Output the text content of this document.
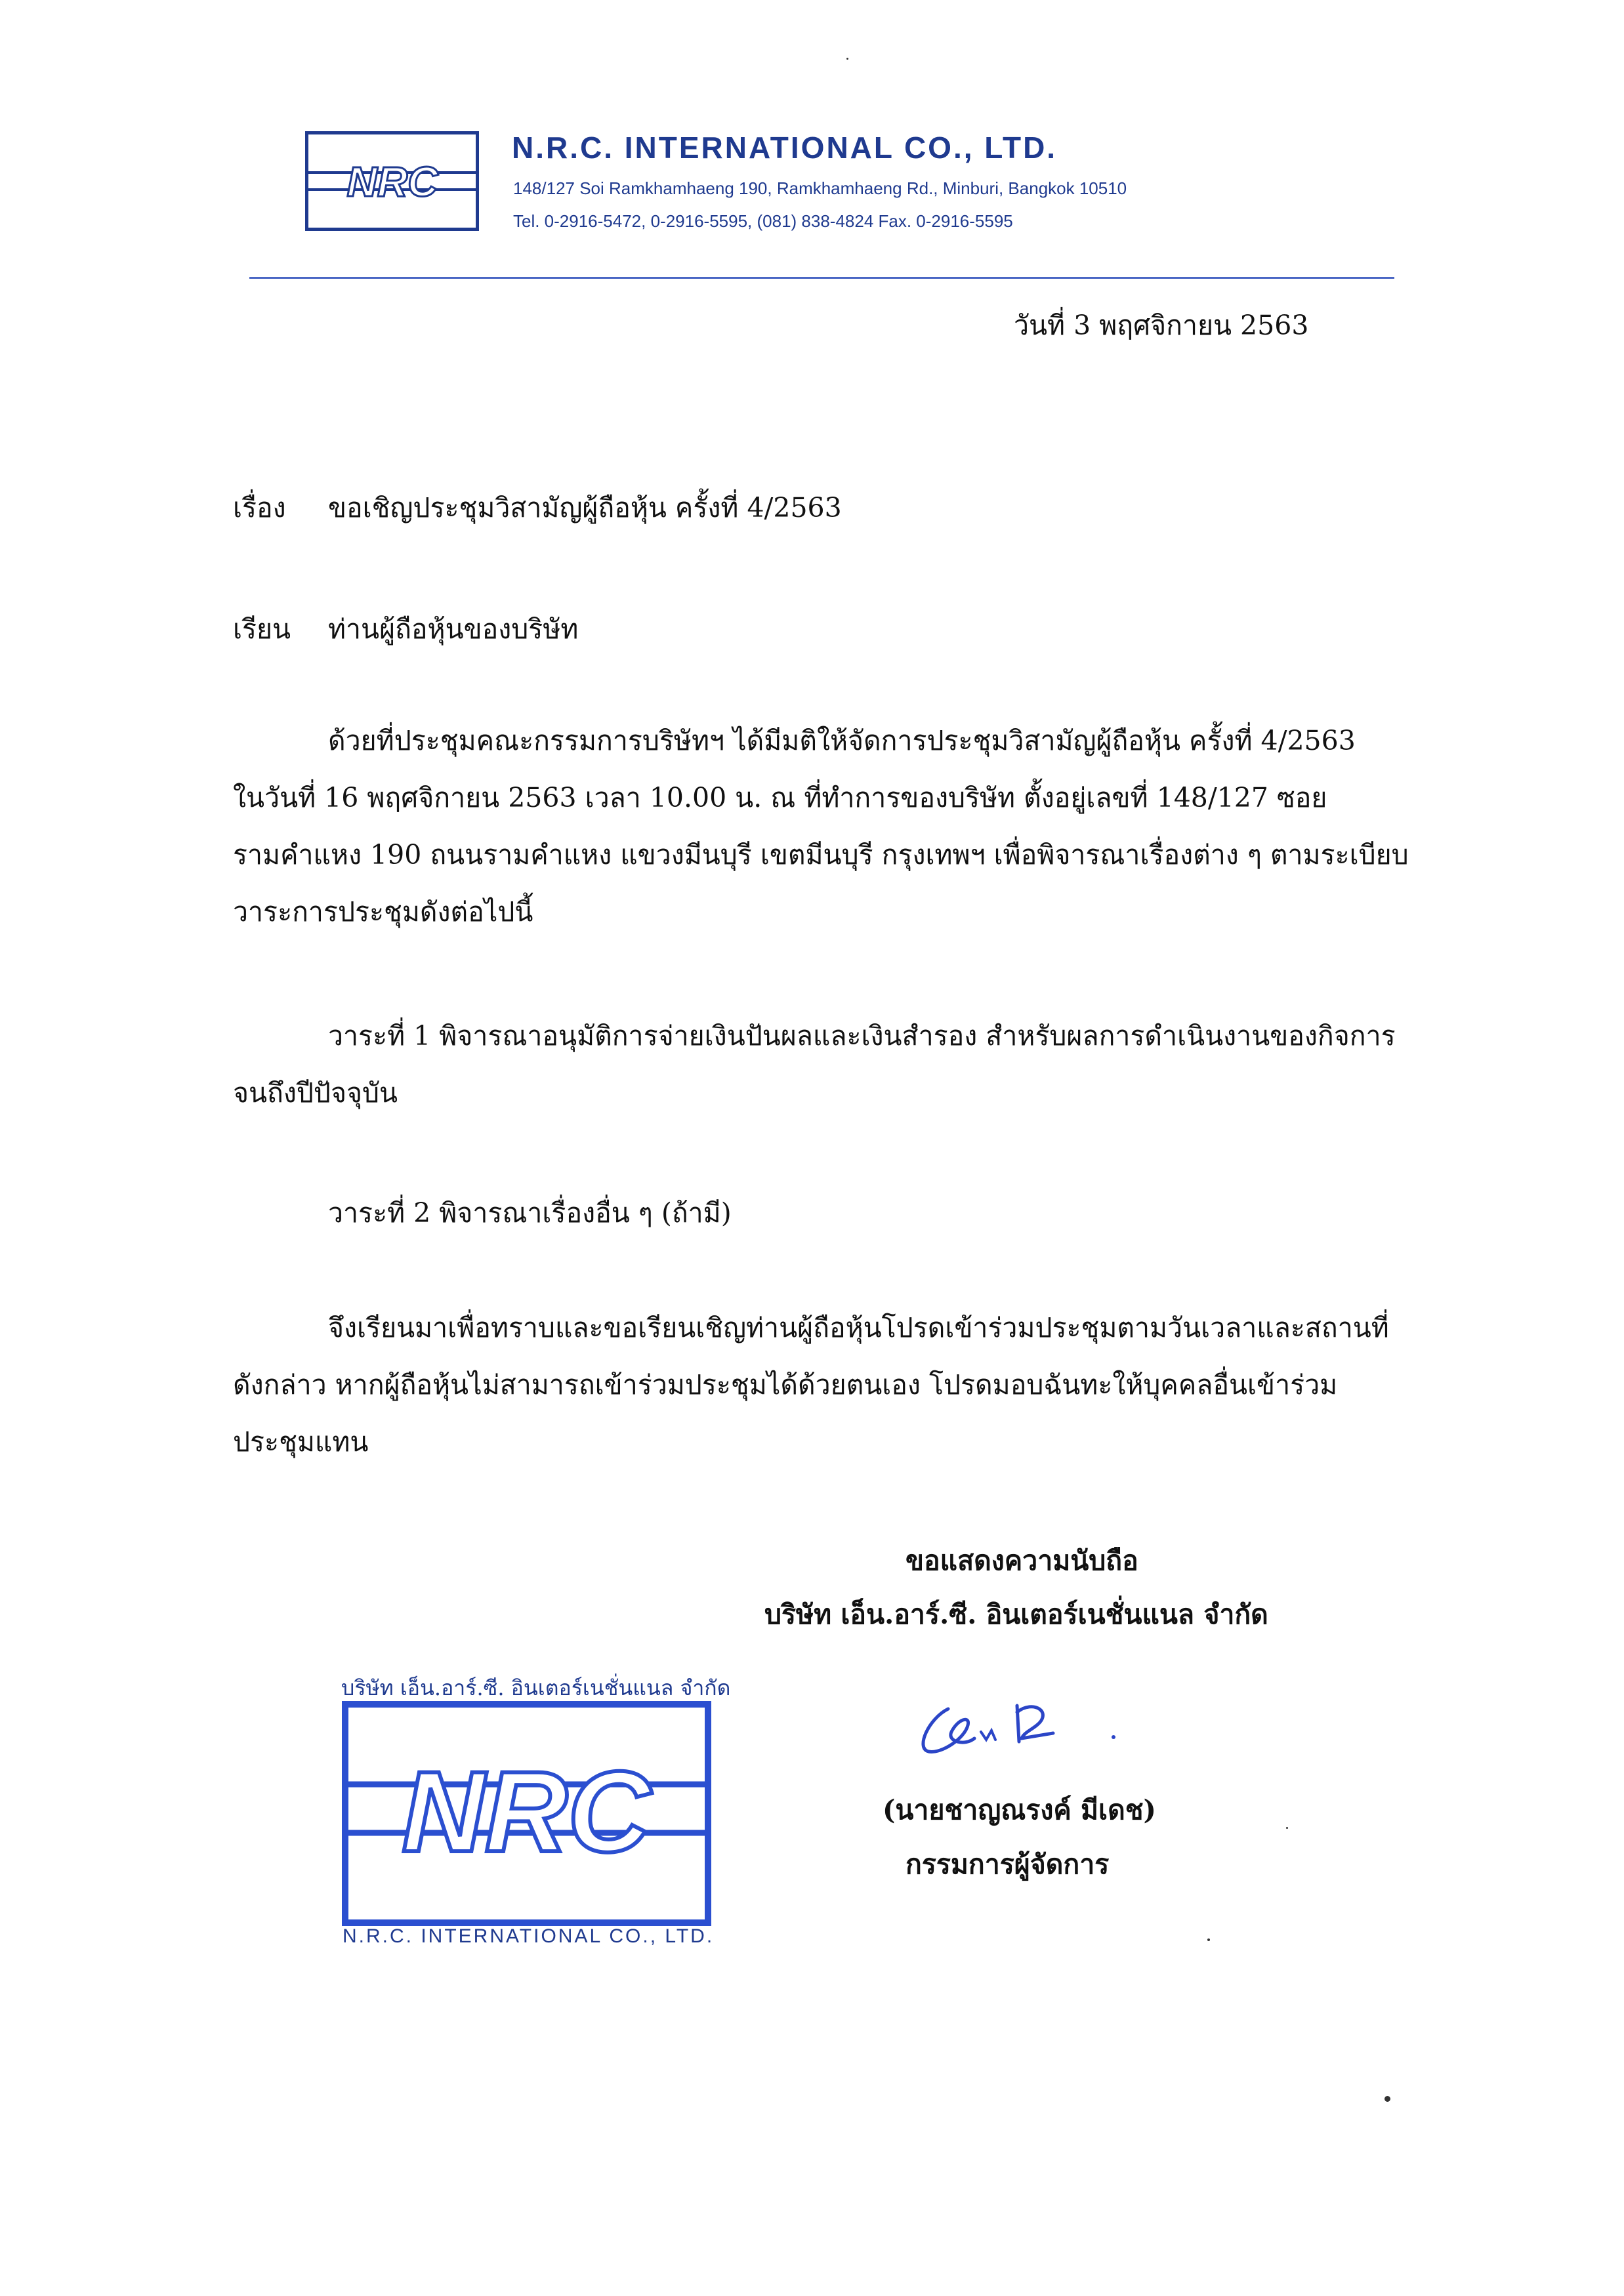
NRC
N.R.C. INTERNATIONAL CO., LTD.
148/127 Soi Ramkhamhaeng 190, Ramkhamhaeng Rd., Minburi, Bangkok 10510
Tel. 0-2916-5472, 0-2916-5595, (081) 838-4824 Fax. 0-2916-5595
วันที่ 3 พฤศจิกายน 2563
เรื่อง ขอเชิญประชุมวิสามัญผู้ถือหุ้น ครั้งที่ 4/2563
เรียน ท่านผู้ถือหุ้นของบริษัท
ด้วยที่ประชุมคณะกรรมการบริษัทฯ ได้มีมติให้จัดการประชุมวิสามัญผู้ถือหุ้น ครั้งที่ 4/2563
ในวันที่ 16 พฤศจิกายน 2563 เวลา 10.00 น. ณ ที่ทำการของบริษัท ตั้งอยู่เลขที่ 148/127 ซอย
รามคำแหง 190 ถนนรามคำแหง แขวงมีนบุรี เขตมีนบุรี กรุงเทพฯ เพื่อพิจารณาเรื่องต่าง ๆ ตามระเบียบ
วาระการประชุมดังต่อไปนี้
วาระที่ 1 พิจารณาอนุมัติการจ่ายเงินปันผลและเงินสำรอง สำหรับผลการดำเนินงานของกิจการ
จนถึงปีปัจจุบัน
วาระที่ 2 พิจารณาเรื่องอื่น ๆ (ถ้ามี)
จึงเรียนมาเพื่อทราบและขอเรียนเชิญท่านผู้ถือหุ้นโปรดเข้าร่วมประชุมตามวันเวลาและสถานที่
ดังกล่าว หากผู้ถือหุ้นไม่สามารถเข้าร่วมประชุมได้ด้วยตนเอง โปรดมอบฉันทะให้บุคคลอื่นเข้าร่วม
ประชุมแทน
ขอแสดงความนับถือ
บริษัท เอ็น.อาร์.ซี. อินเตอร์เนชั่นแนล จำกัด
(นายชาญณรงค์ มีเดช)
กรรมการผู้จัดการ
บริษัท เอ็น.อาร์.ซี. อินเตอร์เนชั่นแนล จำกัด
NRC
N.R.C. INTERNATIONAL CO., LTD.
